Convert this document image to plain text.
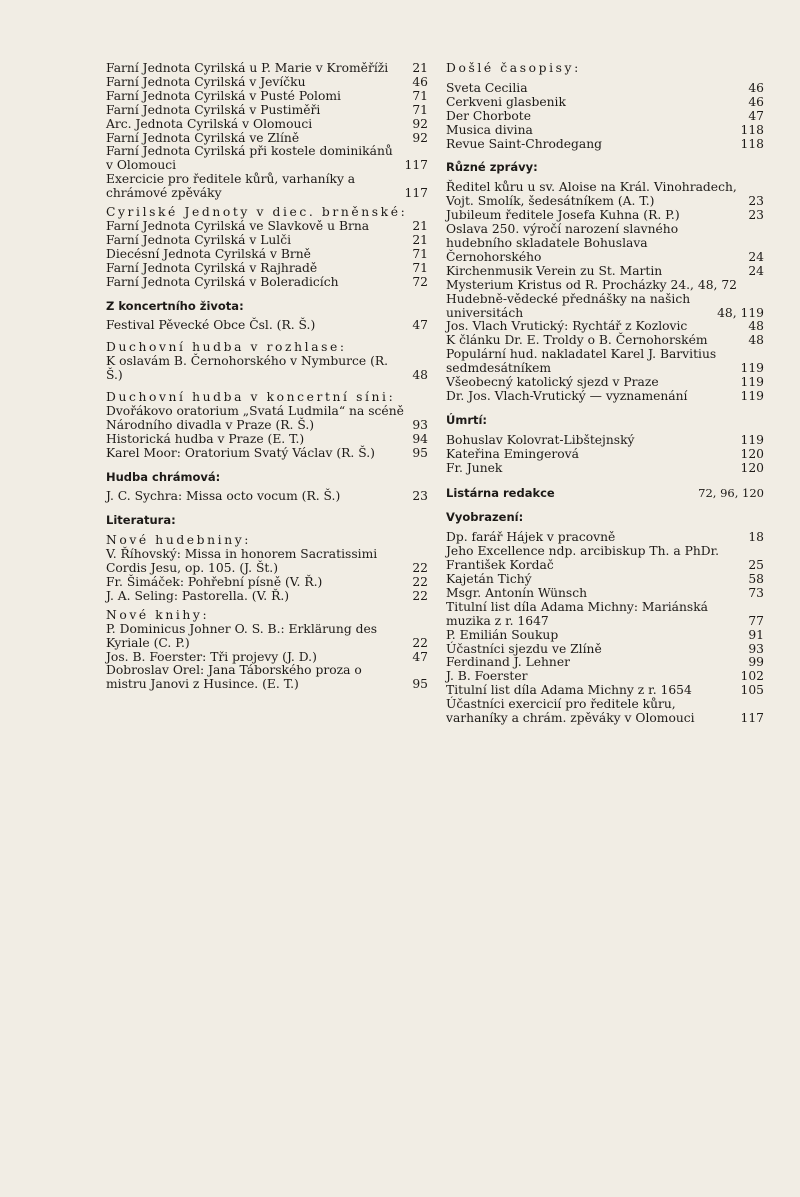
Farní Jednota Cyrilská u P. Marie v Kroměříži	21
Farní Jednota Cyrilská v Jevíčku	46
Farní Jednota Cyrilská v Pusté Polomi	71
Farní Jednota Cyrilská v Pustiměři	71
Arc. Jednota Cyrilská v Olomouci	92
Farní Jednota Cyrilská ve Zlíně	92
Farní Jednota Cyrilská při kostele dominikánů v Olomouci	117
Exercicie pro ředitele kůrů, varhaníky a chrámové zpěváky	117
Cyrilské Jednoty v diec. brněnské:
Farní Jednota Cyrilská ve Slavkově u Brna	21
Farní Jednota Cyrilská v Lulči	21
Diecésní Jednota Cyrilská v Brně	71
Farní Jednota Cyrilská v Rajhradě	71
Farní Jednota Cyrilská v Boleradicích	72
Z koncertního života:
Festival Pěvecké Obce Čsl. (R. Š.)	47
Duchovní hudba v rozhlase:
K oslavám B. Černohorského v Nymburce (R. Š.)	48
Duchovní hudba v koncertní síni:
Dvořákovo oratorium „Svatá Ludmila“ na scéně Národního divadla v Praze (R. Š.)	93
Historická hudba v Praze (E. T.)	94
Karel Moor: Oratorium Svatý Václav (R. Š.)	95
Hudba chrámová:
J. C. Sychra: Missa octo vocum (R. Š.)	23
Literatura:
Nové hudebniny:
V. Říhovský: Missa in honorem Sacratissimi Cordis Jesu, op. 105. (J. Št.)	22
Fr. Šimáček: Pohřební písně (V. Ř.)	22
J. A. Seling: Pastorella. (V. Ř.)	22
Nové knihy:
P. Dominicus Johner O. S. B.: Erklärung des Kyriale (C. P.)	22
Jos. B. Foerster: Tři projevy (J. D.)	47
Dobroslav Orel: Jana Táborského proza o mistru Janovi z Husince. (E. T.)	95
Došlé časopisy:
Sveta Cecilia	46
Cerkveni glasbenik	46
Der Chorbote	47
Musica divina	118
Revue Saint-Chrodegang	118
Různé zprávy:
Ředitel kůru u sv. Aloise na Král. Vinohradech, Vojt. Smolík, šedesátníkem (A. T.)	23
Jubileum ředitele Josefa Kuhna (R. P.)	23
Oslava 250. výročí narození slavného hudebního skladatele Bohuslava Černohorského	24
Kirchenmusik Verein zu St. Martin	24
Mysterium Kristus od R. Procházky 24., 48, 72
Hudebně-vědecké přednášky na našich universitách	48, 119
Jos. Vlach Vrutický: Rychtář z Kozlovic	48
K článku Dr. E. Troldy o B. Černohorském	48
Populární hud. nakladatel Karel J. Barvitius sedmdesátníkem	119
Všeobecný katolický sjezd v Praze	119
Dr. Jos. Vlach-Vrutický — vyznamenání	119
Úmrtí:
Bohuslav Kolovrat-Libštejnský	119
Kateřina Emingerová	120
Fr. Junek	120
Listárna redakce	72, 96, 120
Vyobrazení:
Dp. farář Hájek v pracovně	18
Jeho Excellence ndp. arcibiskup Th. a PhDr. František Kordač	25
Kajetán Tichý	58
Msgr. Antonín Wünsch	73
Titulní list díla Adama Michny: Mariánská muzika z r. 1647	77
P. Emilián Soukup	91
Účastníci sjezdu ve Zlíně	93
Ferdinand J. Lehner	99
J. B. Foerster	102
Titulní list díla Adama Michny z r. 1654	105
Účastníci exercicií pro ředitele kůru, varhaníky a chrám. zpěváky v Olomouci	117
